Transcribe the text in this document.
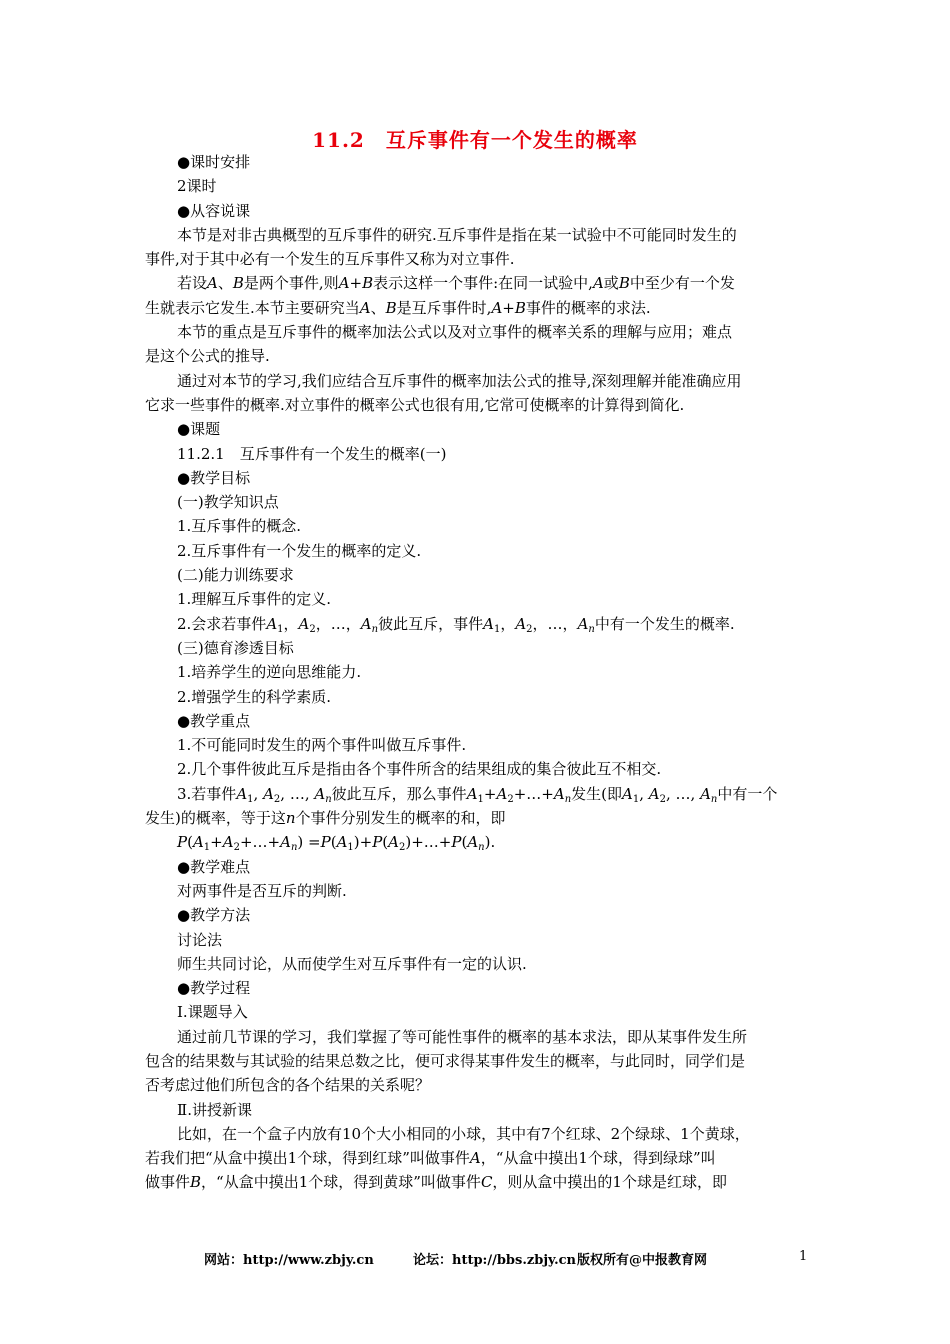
11.2　互斥事件有一个发生的概率

●课时安排

2课时

●从容说课

本节是对非古典概型的互斥事件的研究.互斥事件是指在某一试验中不可能同时发生的

事件,对于其中必有一个发生的互斥事件又称为对立事件.

若设A、B是两个事件,则A+B表示这样一个事件:在同一试验中,A或B中至少有一个发

生就表示它发生.本节主要研究当A、B是互斥事件时,A+B事件的概率的求法.

本节的重点是互斥事件的概率加法公式以及对立事件的概率关系的理解与应用；难点

是这个公式的推导.

通过对本节的学习,我们应结合互斥事件的概率加法公式的推导,深刻理解并能准确应用

它求一些事件的概率.对立事件的概率公式也很有用,它常可使概率的计算得到简化.

●课题

11.2.1　互斥事件有一个发生的概率(一)

●教学目标

(一)教学知识点

1.互斥事件的概念.

2.互斥事件有一个发生的概率的定义.

(二)能力训练要求

1.理解互斥事件的定义.

2.会求若事件$A_1$，$A_2$，…，$A_n$彼此互斥，事件$A_1$，$A_2$，…，$A_n$中有一个发生的概率.

(三)德育渗透目标

1.培养学生的逆向思维能力.

2.增强学生的科学素质.

●教学重点

1.不可能同时发生的两个事件叫做互斥事件.

2.几个事件彼此互斥是指由各个事件所含的结果组成的集合彼此互不相交.

3.若事件$A_1$, $A_2$, …, $A_n$彼此互斥，那么事件$A_1+A_2+\dots+A_n$发生(即$A_1$, $A_2$, …, $A_n$中有一个

发生)的概率，等于这n个事件分别发生的概率的和，即

$P(A_1+A_2+\dots+A_n)$ $=P(A_1)+P(A_2)+\dots+P(A_n)$.

●教学难点

对两事件是否互斥的判断.

●教学方法

讨论法

师生共同讨论，从而使学生对互斥事件有一定的认识.

●教学过程

Ⅰ.课题导入

通过前几节课的学习，我们掌握了等可能性事件的概率的基本求法，即从某事件发生所

包含的结果数与其试验的结果总数之比，便可求得某事件发生的概率，与此同时，同学们是

否考虑过他们所包含的各个结果的关系呢？

Ⅱ.讲授新课

比如，在一个盒子内放有10个大小相同的小球，其中有7个红球、2个绿球、1个黄球，

若我们把“从盒中摸出1个球，得到红球”叫做事件A，“从盒中摸出1个球，得到绿球”叫

做事件B，“从盒中摸出1个球，得到黄球”叫做事件C，则从盒中摸出的1个球是红球，即

网站：http://www.zbjy.cn	论坛：http://bbs.zbjy.cn 版权所有@中报教育网	1
